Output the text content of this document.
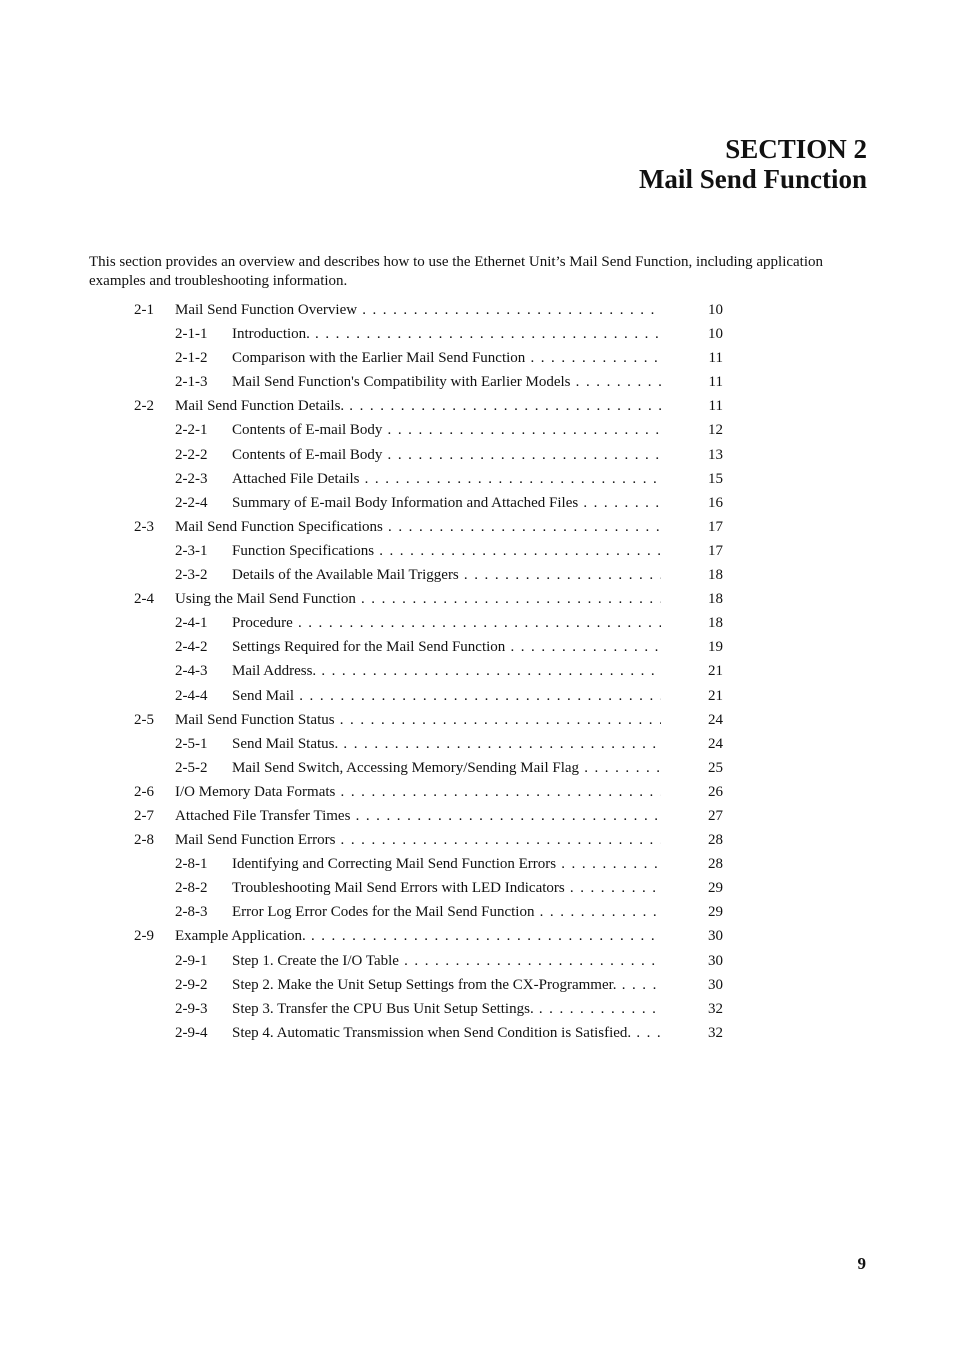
SECTION 2
Mail Send Function

This section provides an overview and describes how to use the Ethernet Unit’s Mail Send Function, including application examples and troubleshooting information.

2-1 Mail Send Function Overview . . .	10
2-1-1 Introduction. . . .	10
2-1-2 Comparison with the Earlier Mail Send Function . . .	11
2-1-3 Mail Send Function's Compatibility with Earlier Models . . .	11
2-2 Mail Send Function Details. . . .	11
2-2-1 Contents of E-mail Body . . .	12
2-2-2 Contents of E-mail Body . . .	13
2-2-3 Attached File Details . . .	15
2-2-4 Summary of E-mail Body Information and Attached Files . . .	16
2-3 Mail Send Function Specifications . . .	17
2-3-1 Function Specifications . . .	17
2-3-2 Details of the Available Mail Triggers . . .	18
2-4 Using the Mail Send Function . . .	18
2-4-1 Procedure . . .	18
2-4-2 Settings Required for the Mail Send Function . . .	19
2-4-3 Mail Address. . . .	21
2-4-4 Send Mail . . .	21
2-5 Mail Send Function Status . . .	24
2-5-1 Send Mail Status. . . .	24
2-5-2 Mail Send Switch, Accessing Memory/Sending Mail Flag . . .	25
2-6 I/O Memory Data Formats . . .	26
2-7 Attached File Transfer Times . . .	27
2-8 Mail Send Function Errors . . .	28
2-8-1 Identifying and Correcting Mail Send Function Errors . . .	28
2-8-2 Troubleshooting Mail Send Errors with LED Indicators . . .	29
2-8-3 Error Log Error Codes for the Mail Send Function . . .	29
2-9 Example Application. . . .	30
2-9-1 Step 1. Create the I/O Table . . .	30
2-9-2 Step 2. Make the Unit Setup Settings from the CX-Programmer. . . .	30
2-9-3 Step 3. Transfer the CPU Bus Unit Setup Settings. . . .	32
2-9-4 Step 4. Automatic Transmission when Send Condition is Satisfied. . . .	32
9
